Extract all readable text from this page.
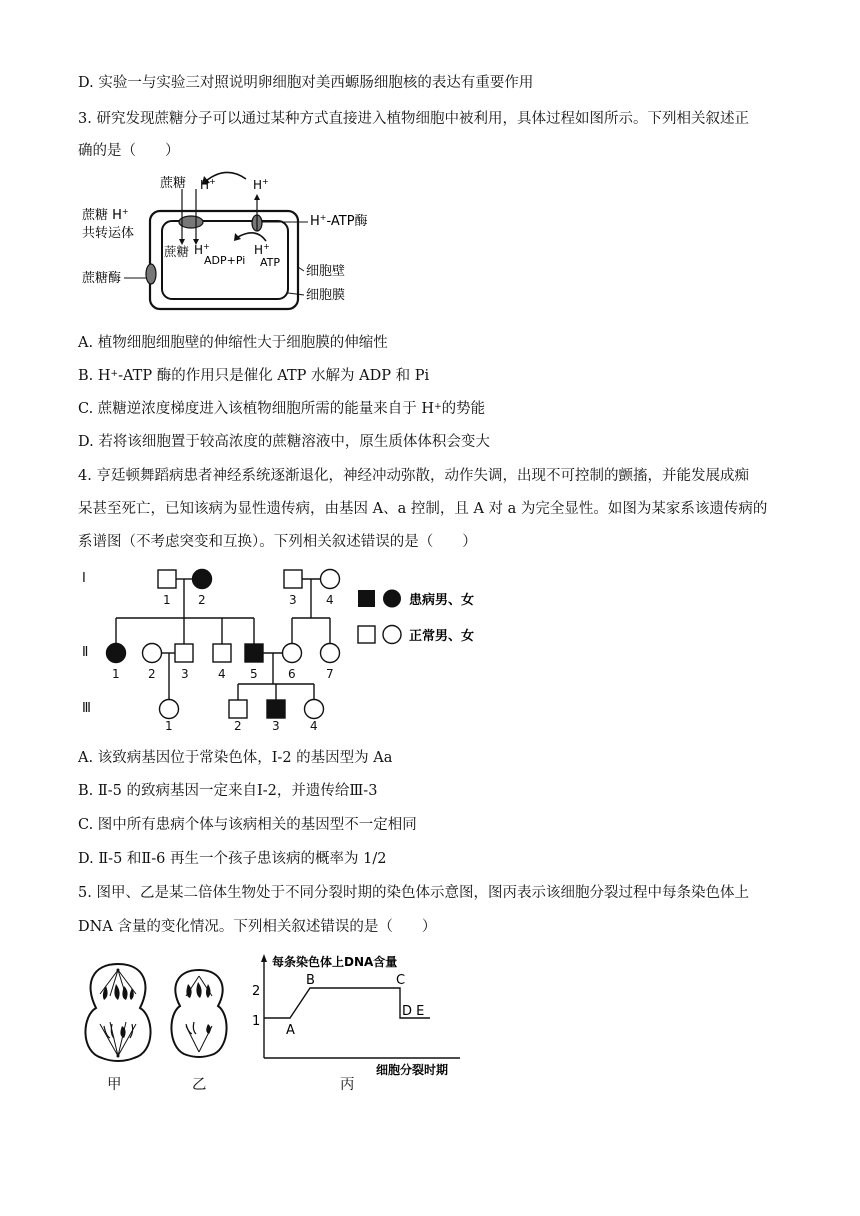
D. 实验一与实验三对照说明卵细胞对美西螈肠细胞核的表达有重要作用
3. 研究发现蔗糖分子可以通过某种方式直接进入植物细胞中被利用，具体过程如图所示。下列相关叙述正
确的是（　　）
蔗糖 H+	H+
蔗糖 H+
共转运体
H+-ATP酶
蔗糖 H+
ADP+Pi
H+
ATP
蔗糖酶	细胞壁
细胞膜
A. 植物细胞细胞壁的伸缩性大于细胞膜的伸缩性
B. H+-ATP 酶的作用只是催化 ATP 水解为 ADP 和 Pi
C. 蔗糖逆浓度梯度进入该植物细胞所需的能量来自于 H+的势能
D. 若将该细胞置于较高浓度的蔗糖溶液中，原生质体体积会变大
4. 亨廷顿舞蹈病患者神经系统逐渐退化，神经冲动弥散，动作失调，出现不可控制的颤搐，并能发展成痴
呆甚至死亡，已知该病为显性遗传病，由基因 A、a 控制，且 A 对 a 为完全显性。如图为某家系该遗传病的
系谱图（不考虑突变和互换）。下列相关叙述错误的是（　　）
Ⅰ
Ⅱ
Ⅲ
1 2	3 4
1 2 3 4 5	6	7
1	2	3	4
患病男、女
正常男、女
A. 该致病基因位于常染色体，Ⅰ-2 的基因型为 Aa
B. Ⅱ-5 的致病基因一定来自Ⅰ-2，并遗传给Ⅲ-3
C. 图中所有患病个体与该病相关的基因型不一定相同
D. Ⅱ-5 和Ⅱ-6 再生一个孩子患该病的概率为 1/2
5. 图甲、乙是某二倍体生物处于不同分裂时期的染色体示意图，图丙表示该细胞分裂过程中每条染色体上
DNA 含量的变化情况。下列相关叙述错误的是（　　）
每条染色体上DNA含量
2
1
A
B	C
D E
细胞分裂时期
甲	乙	丙
